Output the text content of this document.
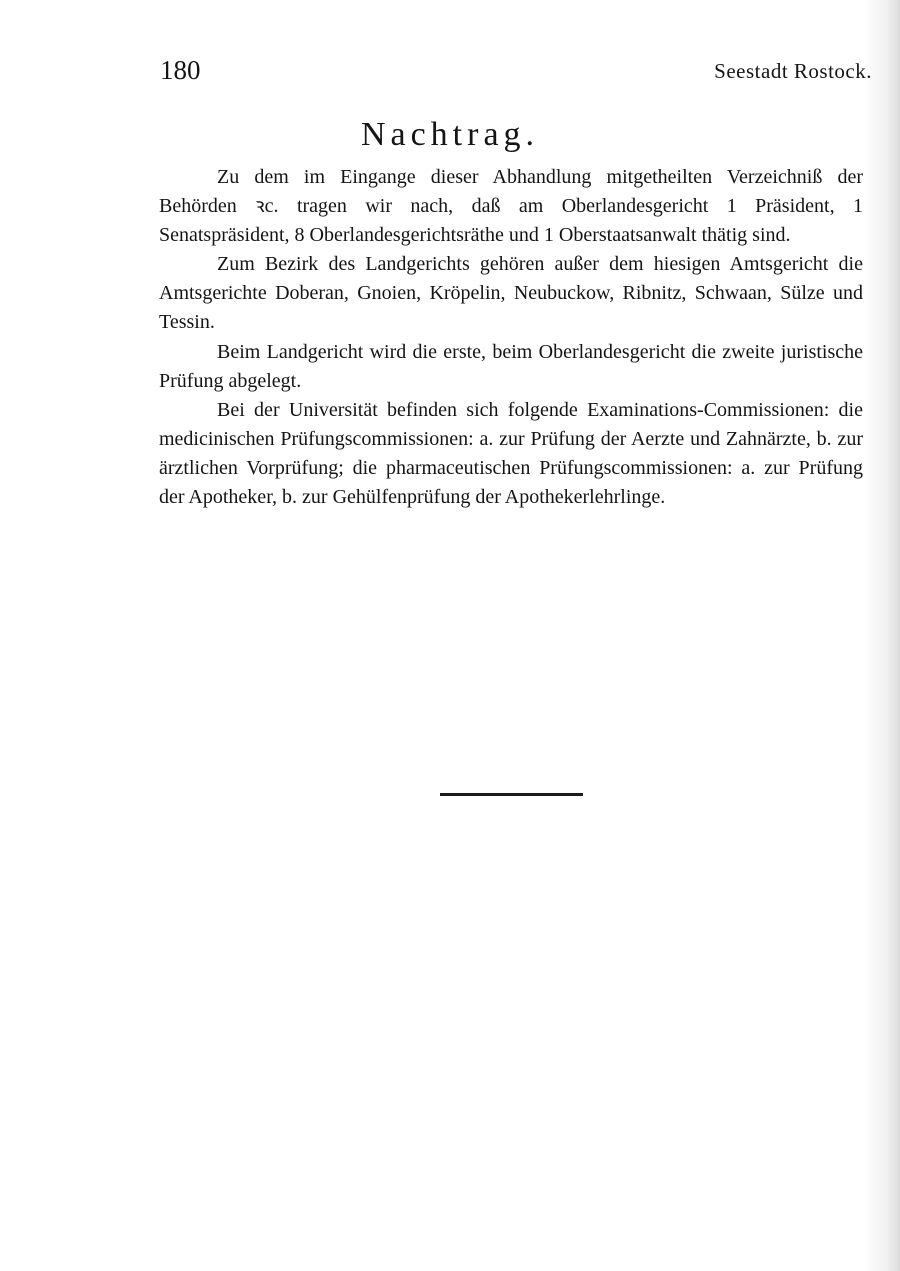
180	Seestadt Rostock.
Nachtrag.

Zu dem im Eingange dieser Abhandlung mitgetheilten Verzeichniß der Behörden ꝛc. tragen wir nach, daß am Oberlandesgericht 1 Präsident, 1 Senatspräsident, 8 Oberlandesgerichtsräthe und 1 Oberstaatsanwalt thätig sind.

Zum Bezirk des Landgerichts gehören außer dem hiesigen Amtsgericht die Amtsgerichte Doberan, Gnoien, Kröpelin, Neubuckow, Ribnitz, Schwaan, Sülze und Tessin.

Beim Landgericht wird die erste, beim Oberlandesgericht die zweite juristische Prüfung abgelegt.

Bei der Universität befinden sich folgende Examinations-Commissionen: die medicinischen Prüfungscommissionen: a. zur Prüfung der Aerzte und Zahnärzte, b. zur ärztlichen Vorprüfung; die pharmaceutischen Prüfungscommissionen: a. zur Prüfung der Apotheker, b. zur Gehülfenprüfung der Apothekerlehrlinge.
